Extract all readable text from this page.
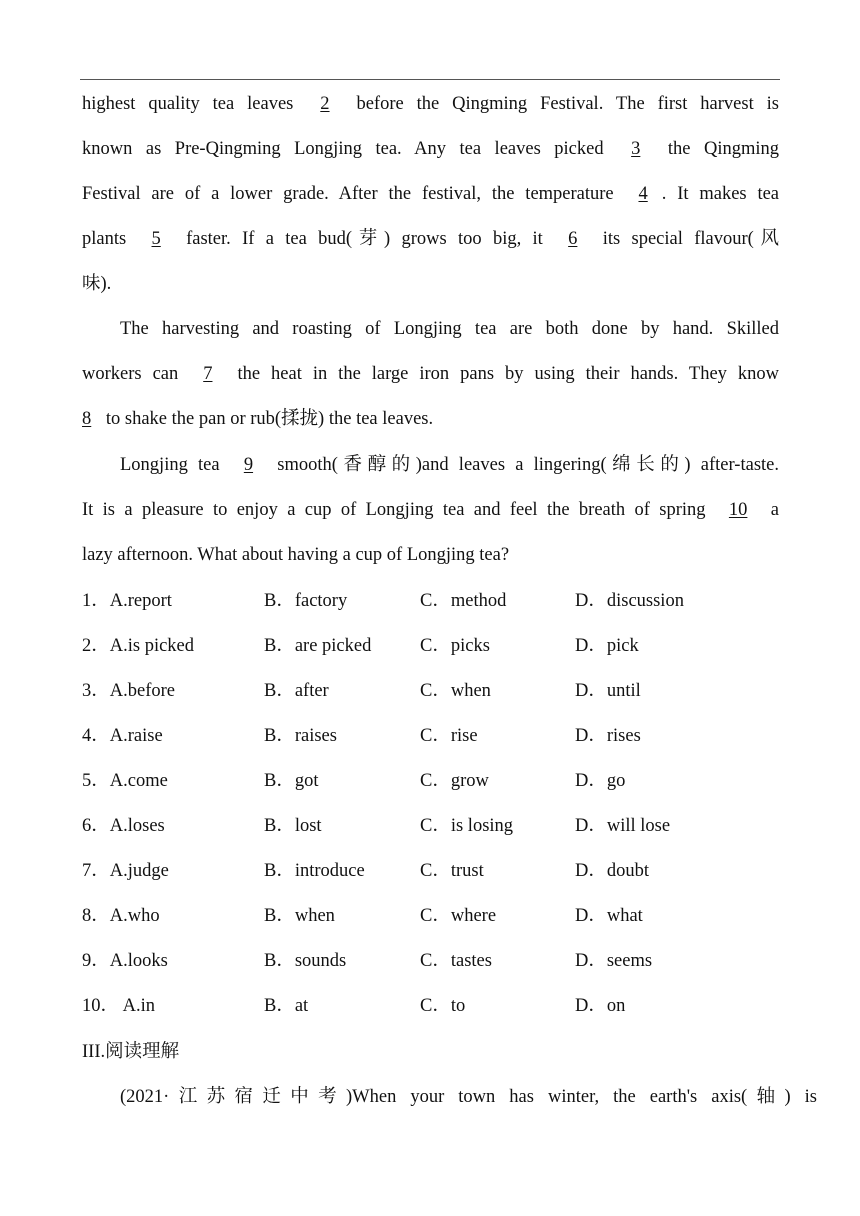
highest quality tea leaves 2 before the Qingming Festival. The first harvest is
known as Pre-Qingming Longjing tea. Any tea leaves picked 3 the Qingming
Festival are of a lower grade. After the festival, the temperature 4 . It makes tea
plants 5 faster. If a tea bud(芽) grows too big, it 6 its special flavour(风
味).
The harvesting and roasting of Longjing tea are both done by hand. Skilled
workers can 7 the heat in the large iron pans by using their hands. They know
8 to shake the pan or rub(揉拢) the tea leaves.
Longjing tea 9 smooth(香醇的)and leaves a lingering(绵长的) after-taste.
It is a pleasure to enjoy a cup of Longjing tea and feel the breath of spring 10 a
lazy afternoon. What about having a cup of Longjing tea?
1．A.report	B．factory	C．method	D．discussion
2．A.is picked	B．are picked	C．picks	D．pick
3．A.before	B．after	C．when	D．until
4．A.raise	B．raises	C．rise	D．rises
5．A.come	B．got	C．grow	D．go
6．A.loses	B．lost	C．is losing	D．will lose
7．A.judge	B．introduce	C．trust	D．doubt
8．A.who	B．when	C．where	D．what
9．A.looks	B．sounds	C．tastes	D．seems
10． A.in	B．at	C．to	D．on
III.阅读理解
(2021·江苏宿迁中考)When your town has winter, the earth's axis(轴) is
